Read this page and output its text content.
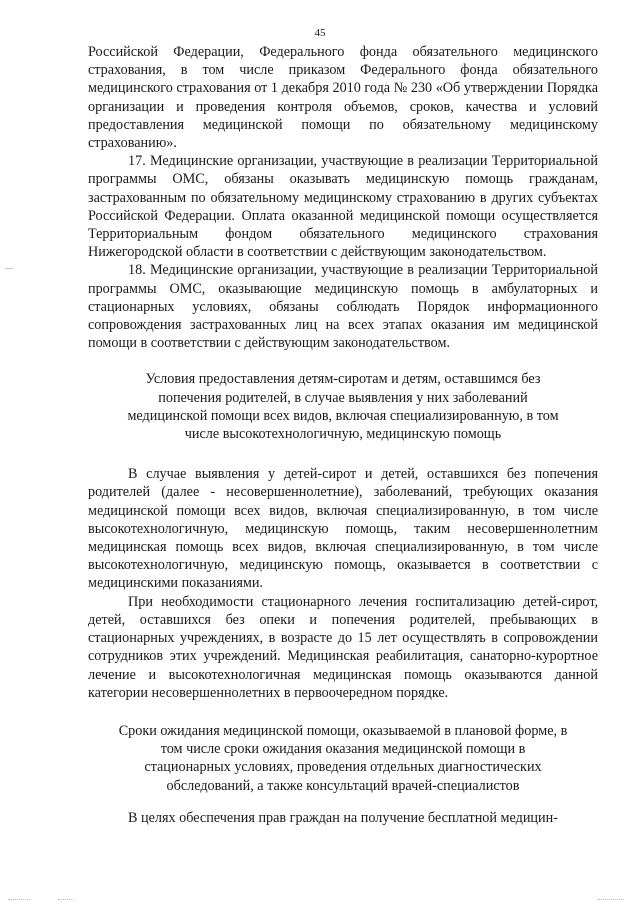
45

Российской Федерации, Федерального фонда обязательного медицинского страхования, в том числе приказом Федерального фонда обязательного медицинского страхования от 1 декабря 2010 года № 230 «Об утверждении Порядка организации и проведения контроля объемов, сроков, качества и условий предоставления медицинской помощи по обязательному медицинскому страхованию».

17. Медицинские организации, участвующие в реализации Территориальной программы ОМС, обязаны оказывать медицинскую помощь гражданам, застрахованным по обязательному медицинскому страхованию в других субъектах Российской Федерации. Оплата оказанной медицинской помощи осуществляется Территориальным фондом обязательного медицинского страхования Нижегородской области в соответствии с действующим законодательством.

18. Медицинские организации, участвующие в реализации Территориальной программы ОМС, оказывающие медицинскую помощь в амбулаторных и стационарных условиях, обязаны соблюдать Порядок информационного сопровождения застрахованных лиц на всех этапах оказания им медицинской помощи в соответствии с действующим законодательством.

Условия предоставления детям-сиротам и детям, оставшимся без попечения родителей, в случае выявления у них заболеваний медицинской помощи всех видов, включая специализированную, в том числе высокотехнологичную, медицинскую помощь

В случае выявления у детей-сирот и детей, оставшихся без попечения родителей (далее - несовершеннолетние), заболеваний, требующих оказания медицинской помощи всех видов, включая специализированную, в том числе высокотехнологичную, медицинскую помощь, таким несовершеннолетним медицинская помощь всех видов, включая специализированную, в том числе высокотехнологичную, медицинскую помощь, оказывается в соответствии с медицинскими показаниями.

При необходимости стационарного лечения госпитализацию детей-сирот, детей, оставшихся без опеки и попечения родителей, пребывающих в стационарных учреждениях, в возрасте до 15 лет осуществлять в сопровождении сотрудников этих учреждений. Медицинская реабилитация, санаторно-курортное лечение и высокотехнологичная медицинская помощь оказываются данной категории несовершеннолетних в первоочередном порядке.

Сроки ожидания медицинской помощи, оказываемой в плановой форме, в том числе сроки ожидания оказания медицинской помощи в стационарных условиях, проведения отдельных диагностических обследований, а также консультаций врачей-специалистов

В целях обеспечения прав граждан на получение бесплатной медицин-
